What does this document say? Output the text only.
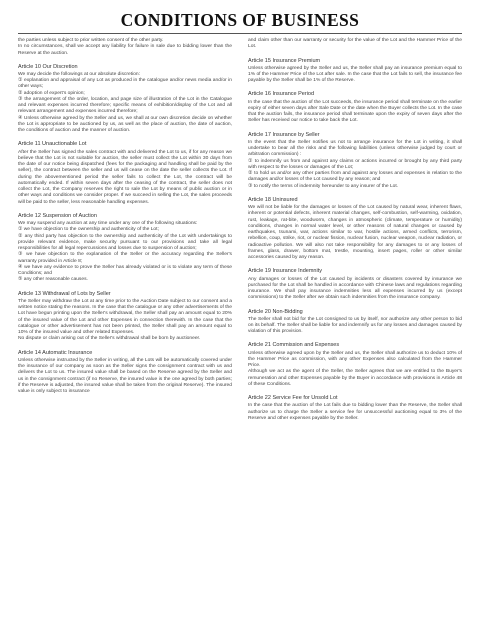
CONDITIONS OF BUSINESS

the parties unless subject to prior written consent of the other party.

In no circumstances, shall we accept any liability for failure in sale due to bidding lower than the Reserve at the auction.

Article 10 Our Discretion

We may decide the followings at our absolute discretion:

① explanation and appraisal of any Lot as produced in the catalogue and/or news media and/or in other ways;

② adoption of expert's opinion;

③ the arrangement of the order, location, and page size of illustration of the Lot in the Catalogue and relevant expenses incurred therefore; specific means of exhibition/display of the Lot and all relevant arrangement and expenses incurred therefore;

④ Unless otherwise agreed by the Seller and us, we shall at our own discretion decide on whether the Lot is appropriate to be auctioned by us, as well as the place of auction, the date of auction, the conditions of auction and the manner of auction.

Article 11 Unauctionable Lot

After the Seller has signed the sales contract with and delivered the Lot to us, if for any reason we believe that the Lot is not suitable for auction, the seller must collect the Lot within 30 days from the date of our notice being dispatched (fees for the packaging and handling shall be paid by the seller), the contract between the seller and us will cease on the date the seller collects the Lot. If during the abovementioned period the seller fails to collect the Lot, the contract will be automatically ended. If within seven days after the ceasing of the contract, the seller does not collect the Lot, the Company reserves the right to sale the Lot by means of public auction or in other ways and conditions we consider proper. If we succeed in selling the Lot, the sales proceeds will be paid to the seller, less reasonable handling expenses.

Article 12 Suspension of Auction

We may suspend any auction at any time under any one of the following situations:

① we have objection to the ownership and authenticity of the Lot;

② any third party has objection to the ownership and authenticity of the Lot with undertakings to provide relevant evidence, make security pursuant to our provisions and take all legal responsibilities for all legal repercussions and losses due to suspension of auction;

③ we have objection to the explanation of the Seller or the accuracy regarding the Seller's warranty provided in Article 8;

④ we have any evidence to prove the Seller has already violated or is to violate any term of these Conditions; and

⑤ any other reasonable causes.

Article 13 Withdrawal of Lots by Seller

The Seller may withdraw the Lot at any time prior to the Auction Date subject to our consent and a written notice stating the reasons. In the case that the catalogue or any other advertisements of the Lot have begun printing upon the Seller's withdrawal, the Seller shall pay an amount equal to 20% of the insured value of the Lot and other Expenses in connection therewith. In the case that the catalogue or other advertisement has not been printed, the Seller shall pay an amount equal to 10% of the insured value and other related Expenses.

No dispute or claim arising out of the Seller's withdrawal shall be born by auctioneer.

Article 14 Automatic Insurance

Unless otherwise instructed by the Seller in writing, all the Lots will be automatically covered under the insurance of our company as soon as the Seller signs the consignment contract with us and delivers the Lot to us. The insured value shall be based on the Reserve agreed by the Seller and us in the consignment contract (if no Reserve, the insured value is the one agreed by both parties; if the Reserve is adjusted, the insured value shall be taken from the original Reserve). The insured value is only subject to insurance

and claim other than our warranty or security for the value of the Lot and the Hammer Price of the Lot.

Article 15 Insurance Premium

Unless otherwise agreed by the Seller and us, the Seller shall pay an insurance premium equal to 1% of the Hammer Price of the Lot after sale. In the case that the Lot fails to sell, the insurance fee payable by the Seller shall be 1% of the Reserve.

Article 16 Insurance Period

In the case that the auction of the Lot succeeds, the insurance period shall terminate on the earlier expiry of either seven days after Sale Date or the date when the Buyer collects the Lot. In the case that the auction fails, the insurance period shall terminate upon the expiry of seven days after the Seller has received our notice to take back the Lot.

Article 17 Insurance by Seller

In the event that the Seller notifies us not to arrange insurance for the Lot in writing, it shall undertake to bear all the risks and the following liabilities (unless otherwise judged by court or arbitration commission) :

① to indemnify us from and against any claims or actions incurred or brought by any third party with respect to the losses or damages of the Lot;

② to hold us and/or any other parties from and against any losses and expenses in relation to the damages and/or losses of the Lot caused by any reason; and

③ to notify the terms of indemnity hereunder to any insurer of the Lot.

Article 18 Uninsured

We will not be liable for the damages or losses of the Lot caused by natural wear, inherent flaws, inherent or potential defects, inherent material changes, self-combustion, self-warming, oxidation, rust, leakage, rat-bite, woodworm, changes in atmospheric (climate, temperature or humidity) conditions, changes in normal water level, or other reasons of natural changes or caused by earthquakes, tsunami, war, actions similar to war, hostile actions, armed conflicts, terrorism, rebellion, coup, strike, riot, or nuclear fission, nuclear fusion, nuclear weapon, nuclear radiation, or radioactive pollution. We will also not take responsibility for any damages to or any losses of frames, glass, drawer, bottom mat, trestle, mounting, insert pages, roller or other similar accessories caused by any reason.

Article 19 Insurance Indemnity

Any damages or losses of the Lot caused by incidents or disasters covered by insurance we purchased for the Lot shall be handled in accordance with Chinese laws and regulations regarding insurance. We shall pay insurance indemnities less all expenses incurred by us (except commissions) to the Seller after we obtain such indemnities from the insurance company.

Article 20 Non-Bidding

The Seller shall not bid for the Lot consigned to us by itself, nor authorize any other person to bid on its behalf. The Seller shall be liable for and indemnify us for any losses and damages caused by violation of this provision.

Article 21 Commission and Expenses

Unless otherwise agreed upon by the Seller and us, the Seller shall authorize us to deduct 10% of the Hammer Price as commission, with any other Expenses also calculated from the Hammer Price.

Although we act as the agent of the Seller, the Seller agrees that we are entitled to the Buyer's remuneration and other Expenses payable by the Buyer in accordance with provisions in Article 48 of these Conditions.

Article 22 Service Fee for Unsold Lot

In the case that the auction of the Lot fails due to bidding lower than the Reserve, the Seller shall authorize us to charge the Seller a service fee for unsuccessful auctioning equal to 3% of the Reserve and other expenses payable by the Seller.
